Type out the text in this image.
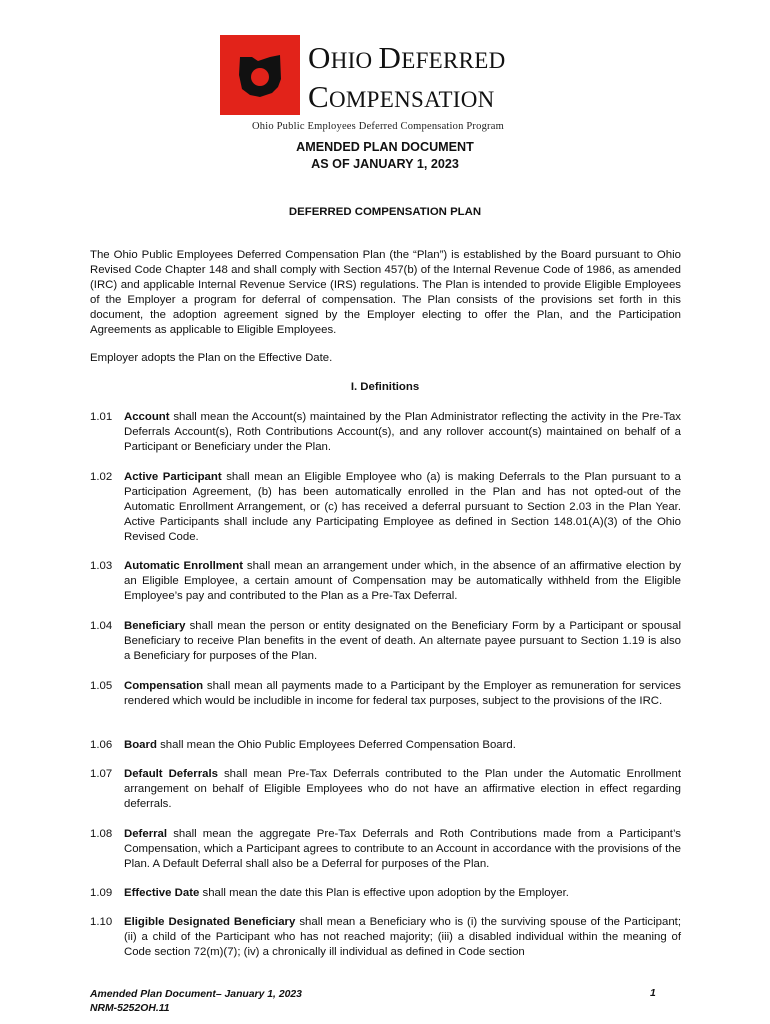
OHIO DEFERRED
COMPENSATION
Ohio Public Employees Deferred Compensation Program
AMENDED PLAN DOCUMENT
AS OF JANUARY 1, 2023
DEFERRED COMPENSATION PLAN
The Ohio Public Employees Deferred Compensation Plan (the “Plan”) is established by the Board pursuant to Ohio Revised Code Chapter 148 and shall comply with Section 457(b) of the Internal Revenue Code of 1986, as amended (IRC) and applicable Internal Revenue Service (IRS) regulations. The Plan is intended to provide Eligible Employees of the Employer a program for deferral of compensation. The Plan consists of the provisions set forth in this document, the adoption agreement signed by the Employer electing to offer the Plan, and the Participation Agreements as applicable to Eligible Employees.
Employer adopts the Plan on the Effective Date.
I. Definitions
1.01	Account shall mean the Account(s) maintained by the Plan Administrator reflecting the activity in the Pre-Tax Deferrals Account(s), Roth Contributions Account(s), and any rollover account(s) maintained on behalf of a Participant or Beneficiary under the Plan.
1.02	Active Participant shall mean an Eligible Employee who (a) is making Deferrals to the Plan pursuant to a Participation Agreement, (b) has been automatically enrolled in the Plan and has not opted-out of the Automatic Enrollment Arrangement, or (c) has received a deferral pursuant to Section 2.03 in the Plan Year. Active Participants shall include any Participating Employee as defined in Section 148.01(A)(3) of the Ohio Revised Code.
1.03	Automatic Enrollment shall mean an arrangement under which, in the absence of an affirmative election by an Eligible Employee, a certain amount of Compensation may be automatically withheld from the Eligible Employee’s pay and contributed to the Plan as a Pre-Tax Deferral.
1.04	Beneficiary shall mean the person or entity designated on the Beneficiary Form by a Participant or spousal Beneficiary to receive Plan benefits in the event of death. An alternate payee pursuant to Section 1.19 is also a Beneficiary for purposes of the Plan.
1.05	Compensation shall mean all payments made to a Participant by the Employer as remuneration for services rendered which would be includible in income for federal tax purposes, subject to the provisions of the IRC.
1.06	Board shall mean the Ohio Public Employees Deferred Compensation Board.
1.07	Default Deferrals shall mean Pre-Tax Deferrals contributed to the Plan under the Automatic Enrollment arrangement on behalf of Eligible Employees who do not have an affirmative election in effect regarding deferrals.
1.08	Deferral shall mean the aggregate Pre-Tax Deferrals and Roth Contributions made from a Participant’s Compensation, which a Participant agrees to contribute to an Account in accordance with the provisions of the Plan. A Default Deferral shall also be a Deferral for purposes of the Plan.
1.09	Effective Date shall mean the date this Plan is effective upon adoption by the Employer.
1.10	Eligible Designated Beneficiary shall mean a Beneficiary who is (i) the surviving spouse of the Participant; (ii) a child of the Participant who has not reached majority; (iii) a disabled individual within the meaning of Code section 72(m)(7); (iv) a chronically ill individual as defined in Code section
Amended Plan Document– January 1, 2023
NRM-5252OH.11
1
